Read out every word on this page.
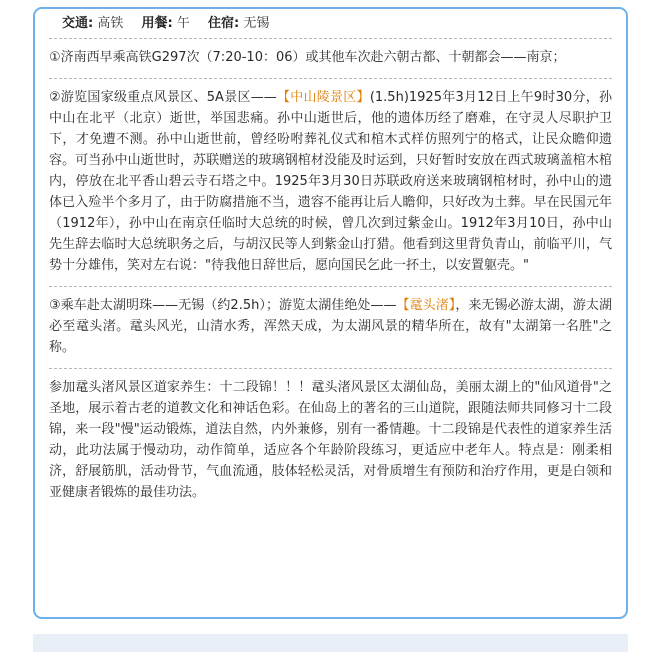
交通: 高铁 用餐: 午 住宿: 无锡
①济南西早乘高铁G297次（7:20-10：06）或其他车次赴六朝古都、十朝都会——南京；
②游览国家级重点风景区、5A景区——【中山陵景区】(1.5h)1925年3月12日上午9时30分，孙中山在北平（北京）逝世，举国悲痛。孙中山逝世后，他的遗体历经了磨难，在守灵人尽职护卫下，才免遭不测。孙中山逝世前，曾经吩咐葬礼仪式和棺木式样仿照列宁的格式，让民众瞻仰遗容。可当孙中山逝世时，苏联赠送的玻璃钢棺材没能及时运到，只好暂时安放在西式玻璃盖棺木棺内，停放在北平香山碧云寺石塔之中。1925年3月30日苏联政府送来玻璃钢棺材时，孙中山的遗体已入殓半个多月了，由于防腐措施不当，遗容不能再让后人瞻仰，只好改为土葬。早在民国元年（1912年），孙中山在南京任临时大总统的时候，曾几次到过紫金山。1912年3月10日，孙中山先生辞去临时大总统职务之后，与胡汉民等人到紫金山打猎。他看到这里背负青山，前临平川，气势十分雄伟，笑对左右说："待我他日辞世后，愿向国民乞此一抔土，以安置躯壳。"
③乘车赴太湖明珠——无锡（约2.5h）；游览太湖佳绝处——【鼋头渚】，来无锡必游太湖，游太湖必至鼋头渚。鼋头风光，山清水秀，浑然天成，为太湖风景的精华所在，故有"太湖第一名胜"之称。
参加鼋头渚风景区道家养生：十二段锦！！！鼋头渚风景区太湖仙岛，美丽太湖上的"仙风道骨"之圣地，展示着古老的道教文化和神话色彩。在仙岛上的著名的三山道院，跟随法师共同修习十二段锦，来一段"慢"运动锻炼，道法自然，内外兼修，别有一番情趣。十二段锦是代表性的道家养生活动，此功法属于慢动功，动作简单，适应各个年龄阶段练习，更适应中老年人。特点是：刚柔相济，舒展筋肌，活动骨节，气血流通，肢体轻松灵活，对骨质增生有预防和治疗作用，更是白领和亚健康者锻炼的最佳功法。
